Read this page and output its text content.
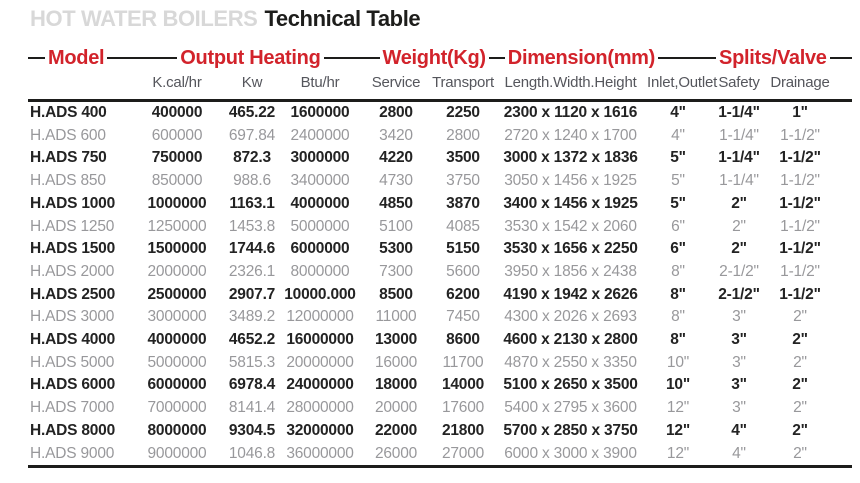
HOT WATER BOILERS Technical Table
Model	Output Heating	Weight(Kg) Dimension(mm)	Splits/Valve
	K.cal/hr	Kw	Btu/hr	Service	Transport	Length.Width.Height	Inlet,Outlet	Safety	Drainage	
H.ADS 400	400000	465.22	1600000	2800	2250	2300 x 1120 x 1616	4"	1-1/4"	1"	
H.ADS 600	600000	697.84	2400000	3420	2800	2720 x 1240 x 1700	4"	1-1/4"	1-1/2"	
H.ADS 750	750000	872.3	3000000	4220	3500	3000 x 1372 x 1836	5"	1-1/4"	1-1/2"	
H.ADS 850	850000	988.6	3400000	4730	3750	3050 x 1456 x 1925	5"	1-1/4"	1-1/2"	
H.ADS 1000	1000000	1163.1	4000000	4850	3870	3400 x 1456 x 1925	5"	2"	1-1/2"	
H.ADS 1250	1250000	1453.8	5000000	5100	4085	3530 x 1542 x 2060	6"	2"	1-1/2"	
H.ADS 1500	1500000	1744.6	6000000	5300	5150	3530 x 1656 x 2250	6"	2"	1-1/2"	
H.ADS 2000	2000000	2326.1	8000000	7300	5600	3950 x 1856 x 2438	8"	2-1/2"	1-1/2"	
H.ADS 2500	2500000	2907.7	10000.000	8500	6200	4190 x 1942 x 2626	8"	2-1/2"	1-1/2"	
H.ADS 3000	3000000	3489.2	12000000	11000	7450	4300 x 2026 x 2693	8"	3"	2"	
H.ADS 4000	4000000	4652.2	16000000	13000	8600	4600 x 2130 x 2800	8"	3"	2"	
H.ADS 5000	5000000	5815.3	20000000	16000	11700	4870 x 2550 x 3350	10"	3"	2"	
H.ADS 6000	6000000	6978.4	24000000	18000	14000	5100 x 2650 x 3500	10"	3"	2"	
H.ADS 7000	7000000	8141.4	28000000	20000	17600	5400 x 2795 x 3600	12"	3"	2"	
H.ADS 8000	8000000	9304.5	32000000	22000	21800	5700 x 2850 x 3750	12"	4"	2"	
H.ADS 9000	9000000	1046.8	36000000	26000	27000	6000 x 3000 x 3900	12"	4"	2"	
